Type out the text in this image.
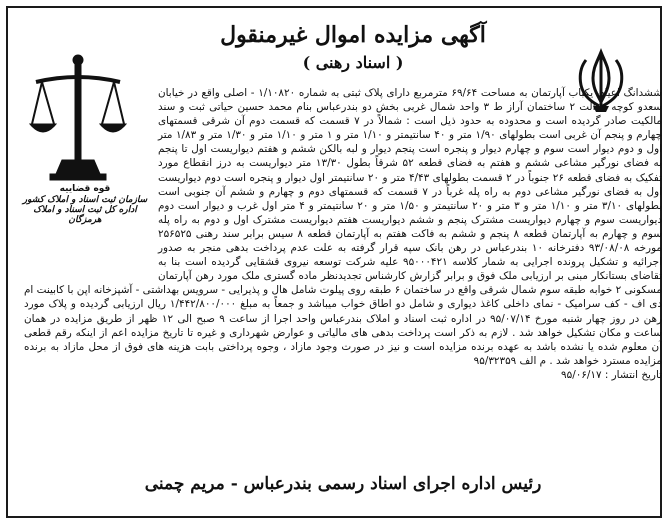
آگهی مزایده اموال غیرمنقول
( اسناد رهنی )
قوه قضاییه
سازمان ثبت اسناد و املاک کشور
اداره کل ثبت اسناد و املاک هرمزگان
ششدانگ اعیان یکباب آپارتمان به مساحت ۶۹/۶۴ مترمربع دارای پلاک ثبتی به شماره ۱/۱۰۸۲۰ - اصلی واقع در خیابان سعدو کوچه عدالت ۲ ساختمان آراز ط ۳ واحد شمال غربی بخش دو بندرعباس بنام محمد حسین حیاتی ثبت و سند مالکیت صادر گردیده است و محدوده به حدود ذیل است : شمالاً در ۷ قسمت که قسمت دوم آن شرقی قسمتهای چهارم و پنجم آن غربی است بطولهای ۱/۹۰ متر و ۴۰ سانتیمتر و ۱/۱۰ متر و ۱ متر و ۱/۱۰ متر و ۱/۳۰ متر و ۱/۸۳ متر اول و دوم دیوار است سوم و چهارم دیوار و پنجره است پنجم دیوار و لبه بالکن ششم و هفتم دیواریست اول تا پنجم به فضای نورگیر مشاعی ششم و هفتم به فضای قطعه ۵۲ شرقاً بطول ۱۳/۳۰ متر دیواریست به درز انقطاع مورد تفکیک به فضای قطعه ۲۶ جنوباً در ۲ قسمت بطولهای ۴/۴۳ متر و ۲۰ سانتیمتر اول دیوار و پنجره است دوم دیواریست اول به فضای نورگیر مشاعی دوم به راه پله غرباً در ۷ قسمت که قسمتهای دوم و چهارم و ششم آن جنوبی است بطولهای ۳/۱۰ متر و ۱/۱۰ متر و ۳ متر و ۲۰ سانتیمتر و ۱/۵۰ متر و ۲۰ سانتیمتر و ۴ متر اول غرب و دیوار است دوم دیواریست سوم و چهارم دیواریست مشترک پنجم و ششم دیواریست هفتم دیواریست مشترک اول و دوم به راه پله سوم و چهارم به آپارتمان قطعه ۸ پنجم و ششم به فاکت هفتم به آپارتمان قطعه ۸ سیس برابر سند رهنی ۲۵۶۵۲۵ مورخه ۹۳/۰۸/۰۸ دفترخانه ۱۰ بندرعباس در رهن بانک سپه قرار گرفته به علت عدم پرداخت بدهی منجر به صدور اجرائیه و تشکیل پرونده اجرایی به شمار کلاسه ۹۵۰۰۰۴۲۱ علیه شرکت توسعه نیروی قشقایی گردیده است بنا به تقاضای بستانکار مبنی بر ارزیابی ملک فوق و برابر گزارش کارشناس تجدیدنظر ماده گستری ملک مورد رهن آپارتمان مسکونی ۲ خوابه طبقه سوم شمال شرقی واقع در ساختمان ۶ طبقه روی پیلوت شامل هال و پذیرایی - سرویس بهداشتی - آشپزخانه اپن با کابینت ام دی اف - کف سرامیک - نمای داخلی کاغذ دیواری و شامل دو اطاق خواب میباشد و جمعاً به مبلغ ۱/۴۴۲/۸۰۰/۰۰۰ ریال ارزیابی گردیده و پلاک مورد رهن در روز چهار شنبه مورخ ۹۵/۰۷/۱۴ در اداره ثبت اسناد و املاک بندرعباس واحد اجرا از ساعت ۹ صبح الی ۱۲ ظهر از طریق مزایده در همان ساعت و مکان تشکیل خواهد شد . لازم به ذکر است پرداخت بدهی های مالیاتی و عوارض شهرداری و غیره تا تاریخ مزایده اعم از اینکه رقم قطعی آن معلوم شده یا نشده باشد به عهده برنده مزایده است و نیز در صورت وجود مازاد ، وجوه پرداختی بابت هزینه های فوق از محل مازاد به برنده مزایده مسترد خواهد شد . م الف ۹۵/۳۲۳۵۹
تاریخ انتشار : ۹۵/۰۶/۱۷
رئیس اداره اجرای اسناد رسمی بندرعباس - مریم چمنی
